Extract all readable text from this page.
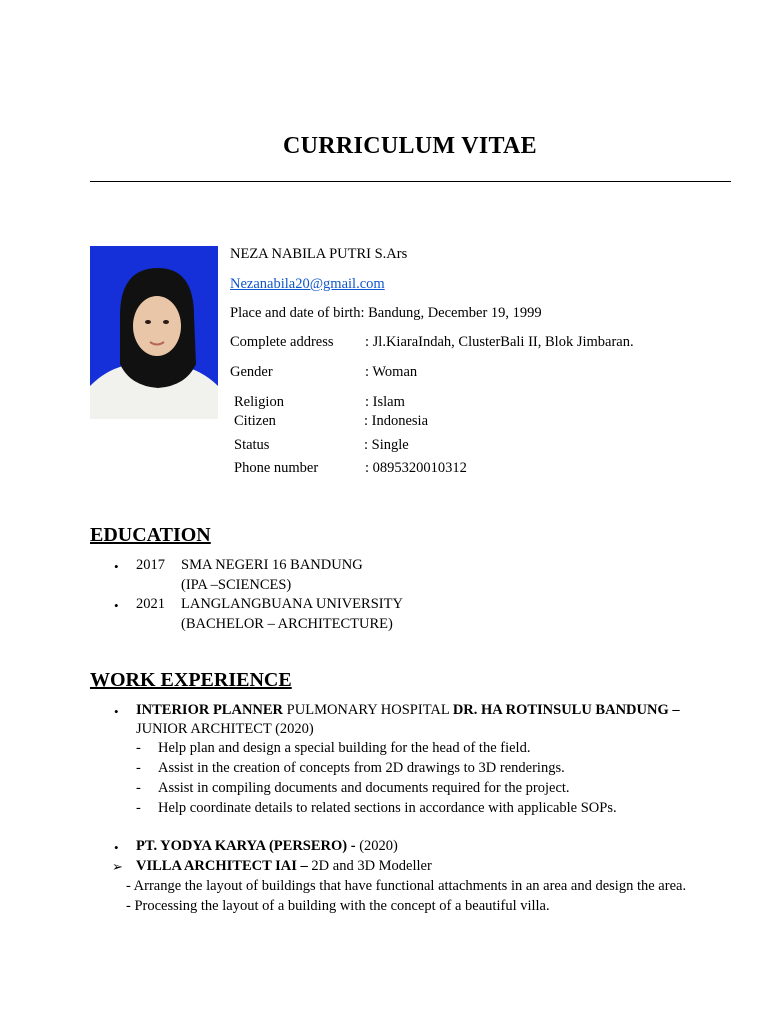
CURRICULUM VITAE
NEZA NABILA PUTRI S.Ars
Nezanabila20@gmail.com
Place and date of birth: Bandung, December 19, 1999
Complete address : Jl.KiaraIndah, ClusterBali II, Blok Jimbaran.
Gender	: Woman
Religion	: Islam
Citizen	: Indonesia
Status	: Single
Phone number	: 0895320010312
EDUCATION
• 2017 SMA NEGERI 16 BANDUNG
(IPA –SCIENCES)
• 2021 LANGLANGBUANA UNIVERSITY
(BACHELOR – ARCHITECTURE)
WORK EXPERIENCE
• INTERIOR PLANNER PULMONARY HOSPITAL DR. HA ROTINSULU BANDUNG –
JUNIOR ARCHITECT (2020)
- Help plan and design a special building for the head of the field.
- Assist in the creation of concepts from 2D drawings to 3D renderings.
- Assist in compiling documents and documents required for the project.
- Help coordinate details to related sections in accordance with applicable SOPs.
• PT. YODYA KARYA (PERSERO) - (2020)
➢ VILLA ARCHITECT IAI – 2D and 3D Modeller
- Arrange the layout of buildings that have functional attachments in an area and design the area.
- Processing the layout of a building with the concept of a beautiful villa.
